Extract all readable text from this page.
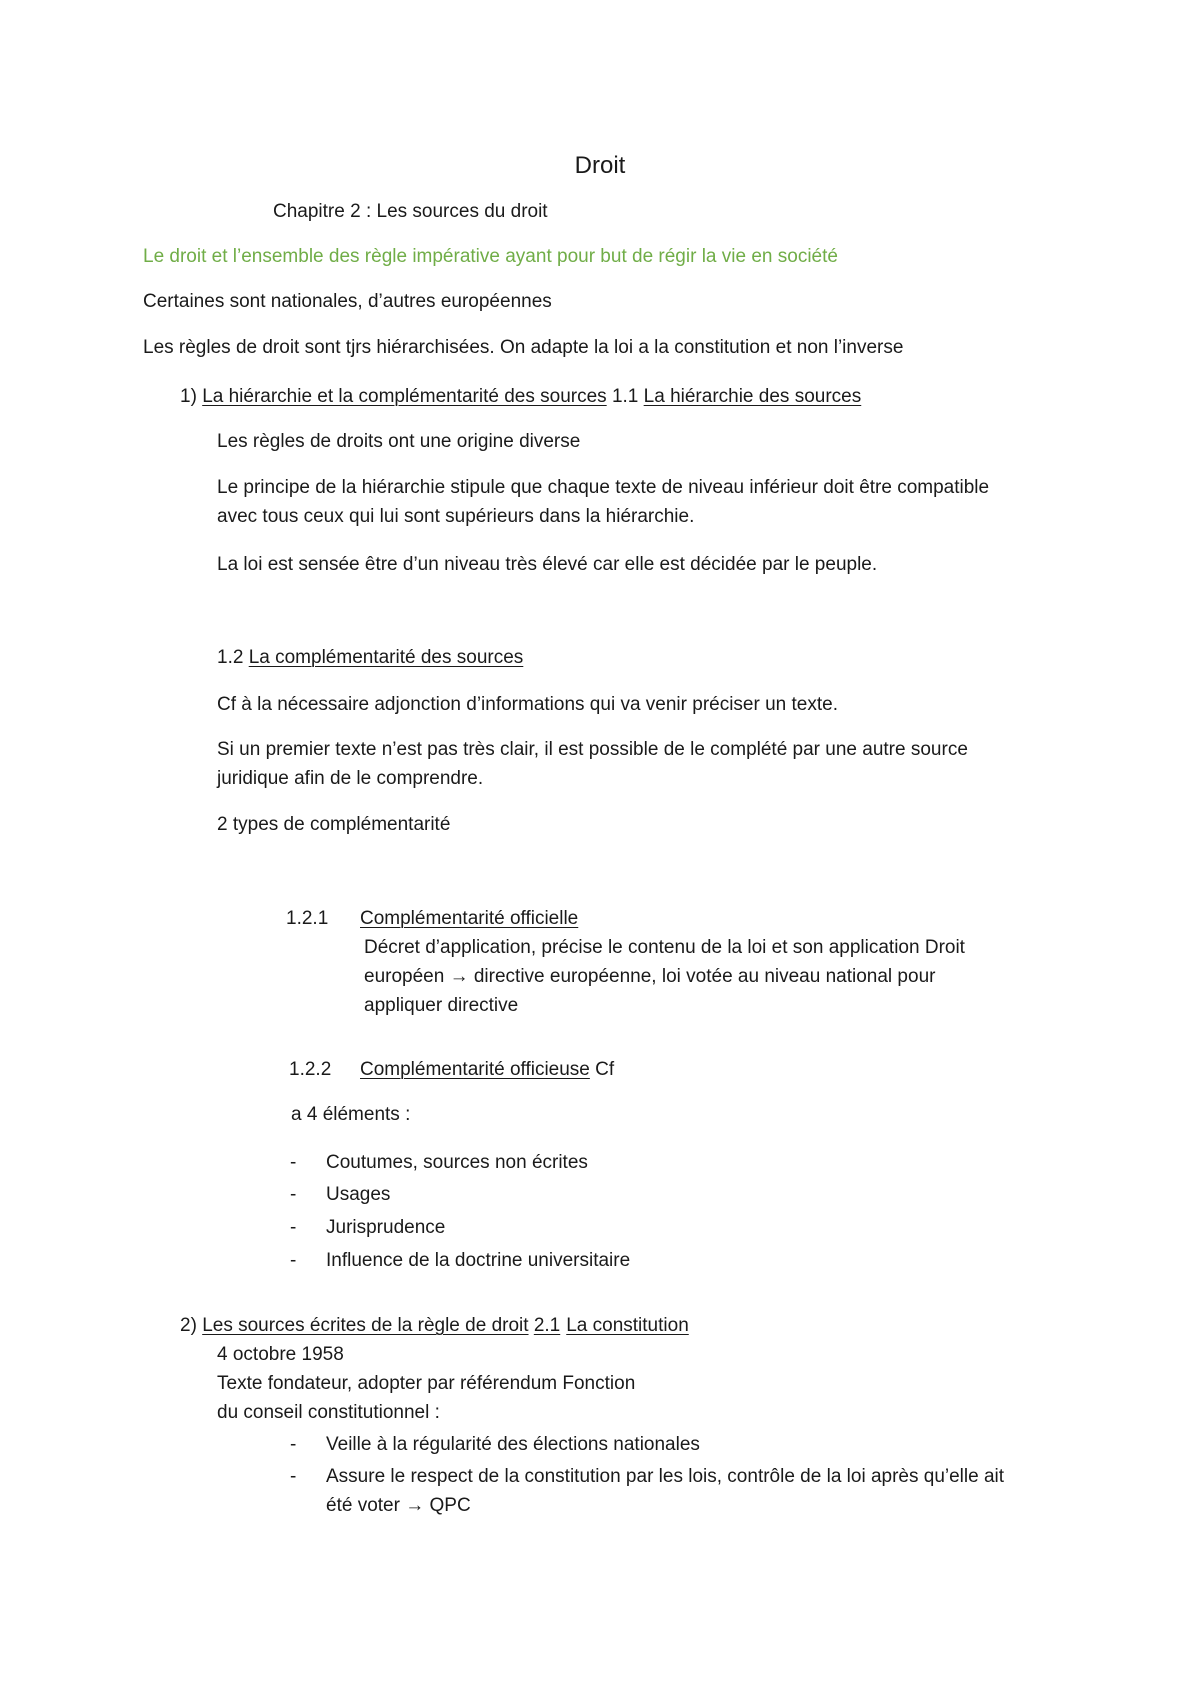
Droit

Chapitre 2 : Les sources du droit

Le droit et l’ensemble des règle impérative ayant pour but de régir la vie en société

Certaines sont nationales, d’autres européennes

Les règles de droit sont tjrs hiérarchisées. On adapte la loi a la constitution et non l’inverse

1) La hiérarchie et la complémentarité des sources 1.1 La hiérarchie des sources

Les règles de droits ont une origine diverse

Le principe de la hiérarchie stipule que chaque texte de niveau inférieur doit être compatible

avec tous ceux qui lui sont supérieurs dans la hiérarchie.

La loi est sensée être d’un niveau très élevé car elle est décidée par le peuple.

1.2 La complémentarité des sources

Cf à la nécessaire adjonction d’informations qui va venir préciser un texte.

Si un premier texte n’est pas très clair, il est possible de le complété par une autre source

juridique afin de le comprendre.

2 types de complémentarité

1.2.1 Complémentarité officielle

Décret d’application, précise le contenu de la loi et son application Droit

européen → directive européenne, loi votée au niveau national pour

appliquer directive

1.2.2 Complémentarité officieuse Cf

a 4 éléments :

- Coutumes, sources non écrites

- Usages

- Jurisprudence

- Influence de la doctrine universitaire

2) Les sources écrites de la règle de droit 2.1 La constitution

4 octobre 1958

Texte fondateur, adopter par référendum Fonction

du conseil constitutionnel :

- Veille à la régularité des élections nationales

- Assure le respect de la constitution par les lois, contrôle de la loi après qu’elle ait

été voter → QPC
